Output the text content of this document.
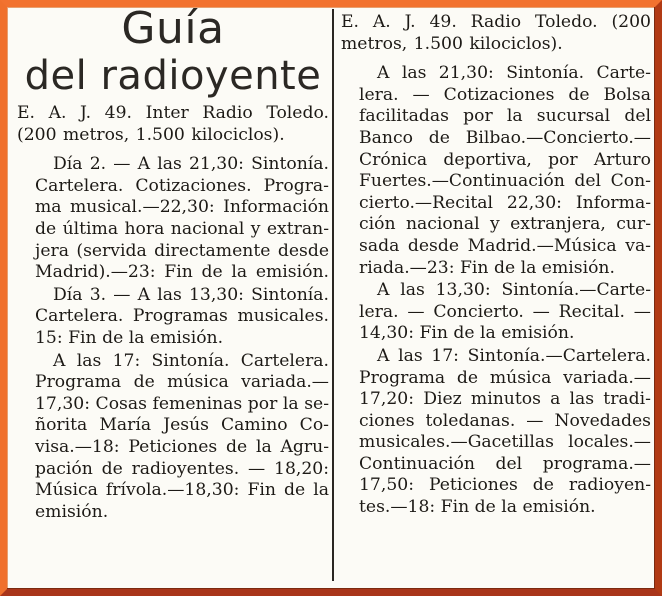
Guía
del radioyente
E. A. J. 49. Inter Radio Toledo.
(200 metros, 1.500 kilociclos).
Día 2. — A las 21,30: Sintonía.
Cartelera. Cotizaciones. Progra-
ma musical.—22,30: Información
de última hora nacional y extran-
jera (servida directamente desde
Madrid).—23: Fin de la emisión.
Día 3. — A las 13,30: Sintonía.
Cartelera. Programas musicales.
15: Fin de la emisión.
A las 17: Sintonía. Cartelera.
Programa de música variada.—
17,30: Cosas femeninas por la se-
ñorita María Jesús Camino Co-
visa.—18: Peticiones de la Agru-
pación de radioyentes. — 18,20:
Música frívola.—18,30: Fin de la
emisión.
E. A. J. 49. Radio Toledo. (200
metros, 1.500 kilociclos).
A las 21,30: Sintonía. Carte-
lera. — Cotizaciones de Bolsa
facilitadas por la sucursal del
Banco de Bilbao.—Concierto.—
Crónica deportiva, por Arturo
Fuertes.—Continuación del Con-
cierto.—Recital 22,30: Informa-
ción nacional y extranjera, cur-
sada desde Madrid.—Música va-
riada.—23: Fin de la emisión.
A las 13,30: Sintonía.—Carte-
lera. — Concierto. — Recital. —
14,30: Fin de la emisión.
A las 17: Sintonía.—Cartelera.
Programa de música variada.—
17,20: Diez minutos a las tradi-
ciones toledanas. — Novedades
musicales.—Gacetillas locales.—
Continuación del programa.—
17,50: Peticiones de radioyen-
tes.—18: Fin de la emisión.
